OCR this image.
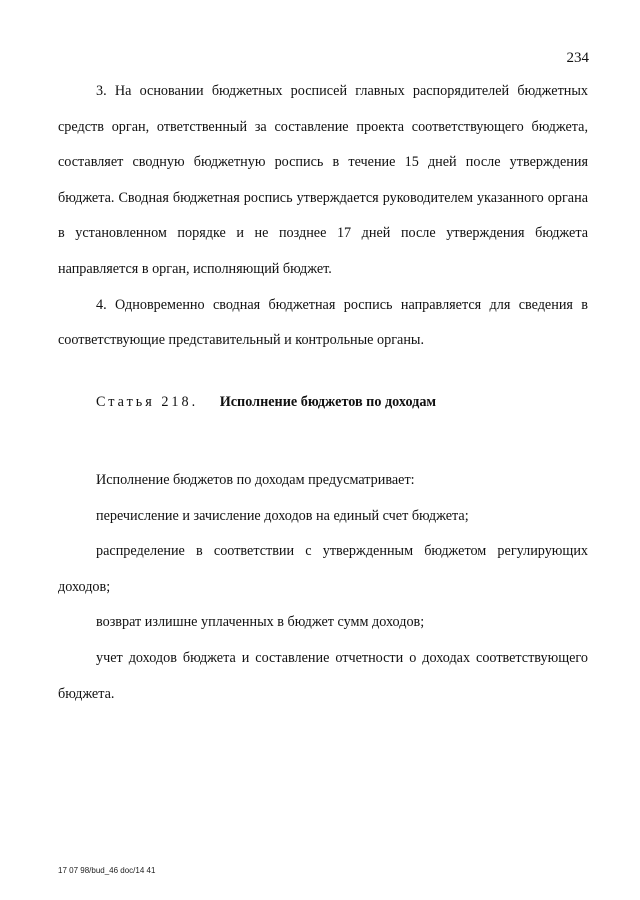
234

3. На основании бюджетных росписей главных распорядителей бюджетных средств орган, ответственный за составление проекта соответствующего бюджета, составляет сводную бюджетную роспись в течение 15 дней после утверждения бюджета. Сводная бюджетная роспись утверждается руководителем указанного органа в установленном порядке и не позднее 17 дней после утверждения бюджета направляется в орган, исполняющий бюджет.

4. Одновременно сводная бюджетная роспись направляется для сведения в соответствующие представительный и контрольные органы.

Статья 218. Исполнение бюджетов по доходам

Исполнение бюджетов по доходам предусматривает:

перечисление и зачисление доходов на единый счет бюджета;

распределение в соответствии с утвержденным бюджетом регулирующих доходов;

возврат излишне уплаченных в бюджет сумм доходов;

учет доходов бюджета и составление отчетности о доходах соответствующего бюджета.

17 07 98/bud_46 doc/14 41
